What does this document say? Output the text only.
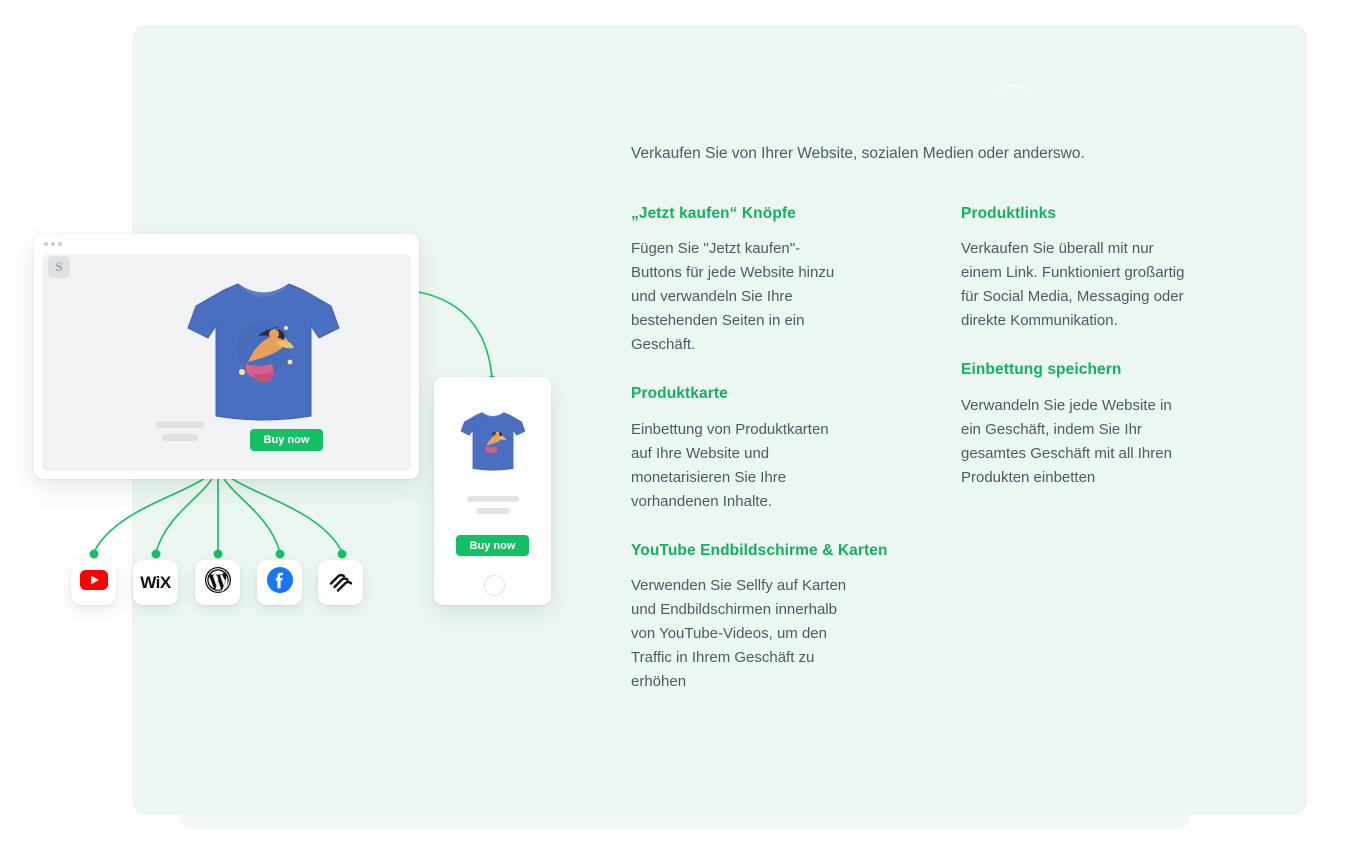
S
Buy now
Buy now
WiX
Verkaufen Sie von Ihrer Website, sozialen Medien oder anderswo.
„Jetzt kaufen“ Knöpfe

Fügen Sie "Jetzt kaufen"-Buttons für jede Website hinzu und verwandeln Sie Ihre bestehenden Seiten in ein Geschäft.

Produktkarte

Einbettung von Produktkarten auf Ihre Website und monetarisieren Sie Ihre vorhandenen Inhalte.

YouTube Endbildschirme & Karten

Verwenden Sie Sellfy auf Karten und Endbildschirmen innerhalb von YouTube-Videos, um den Traffic in Ihrem Geschäft zu erhöhen

Produktlinks

Verkaufen Sie überall mit nur einem Link. Funktioniert großartig für Social Media, Messaging oder direkte Kommunikation.

Einbettung speichern

Verwandeln Sie jede Website in ein Geschäft, indem Sie Ihr gesamtes Geschäft mit all Ihren Produkten einbetten
